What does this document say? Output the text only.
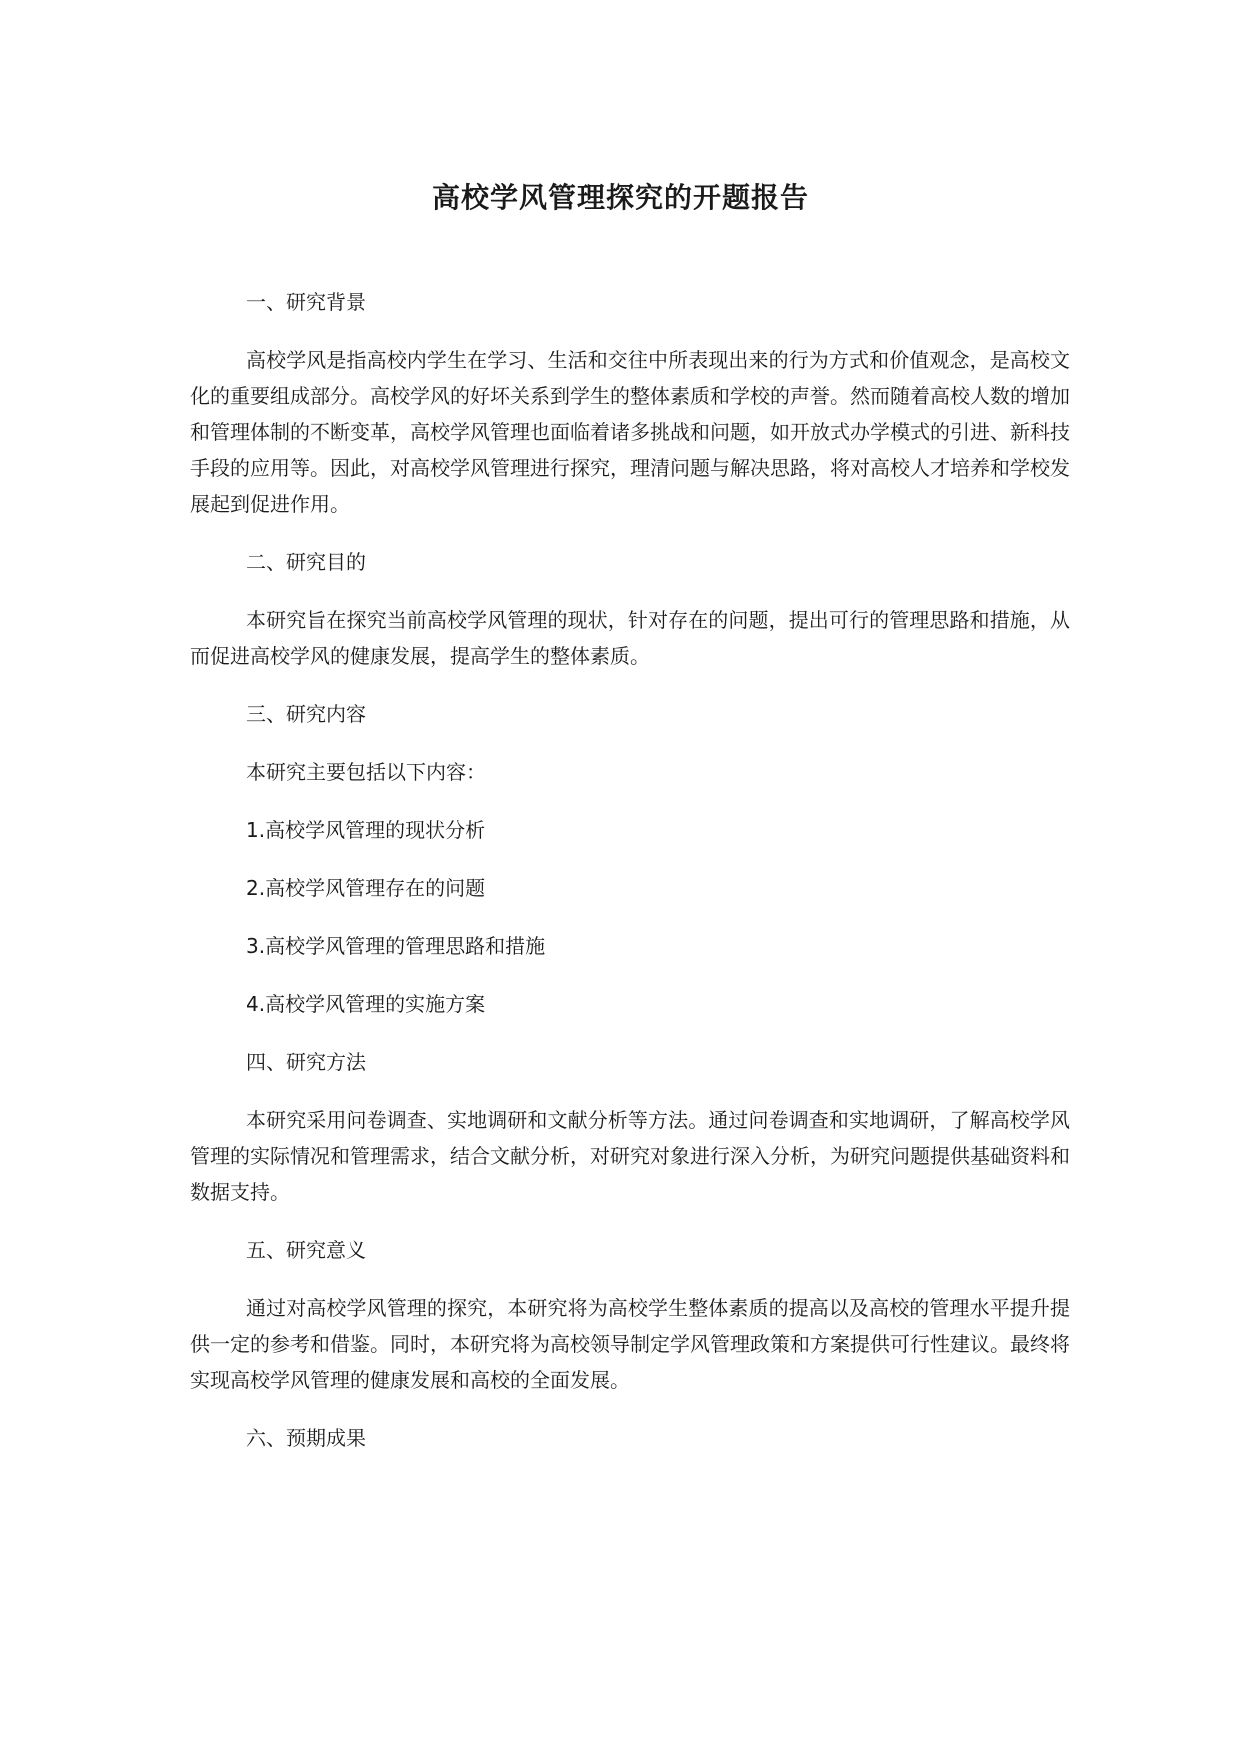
高校学风管理探究的开题报告
一、研究背景

高校学风是指高校内学生在学习、生活和交往中所表现出来的行为方式和价值观念，是高校文化的重要组成部分。高校学风的好坏关系到学生的整体素质和学校的声誉。然而随着高校人数的增加和管理体制的不断变革，高校学风管理也面临着诸多挑战和问题，如开放式办学模式的引进、新科技手段的应用等。因此，对高校学风管理进行探究，理清问题与解决思路，将对高校人才培养和学校发展起到促进作用。

二、研究目的

本研究旨在探究当前高校学风管理的现状，针对存在的问题，提出可行的管理思路和措施，从而促进高校学风的健康发展，提高学生的整体素质。

三、研究内容

本研究主要包括以下内容：

1.高校学风管理的现状分析

2.高校学风管理存在的问题

3.高校学风管理的管理思路和措施

4.高校学风管理的实施方案

四、研究方法

本研究采用问卷调查、实地调研和文献分析等方法。通过问卷调查和实地调研，了解高校学风管理的实际情况和管理需求，结合文献分析，对研究对象进行深入分析，为研究问题提供基础资料和数据支持。

五、研究意义

通过对高校学风管理的探究，本研究将为高校学生整体素质的提高以及高校的管理水平提升提供一定的参考和借鉴。同时，本研究将为高校领导制定学风管理政策和方案提供可行性建议。最终将实现高校学风管理的健康发展和高校的全面发展。

六、预期成果
